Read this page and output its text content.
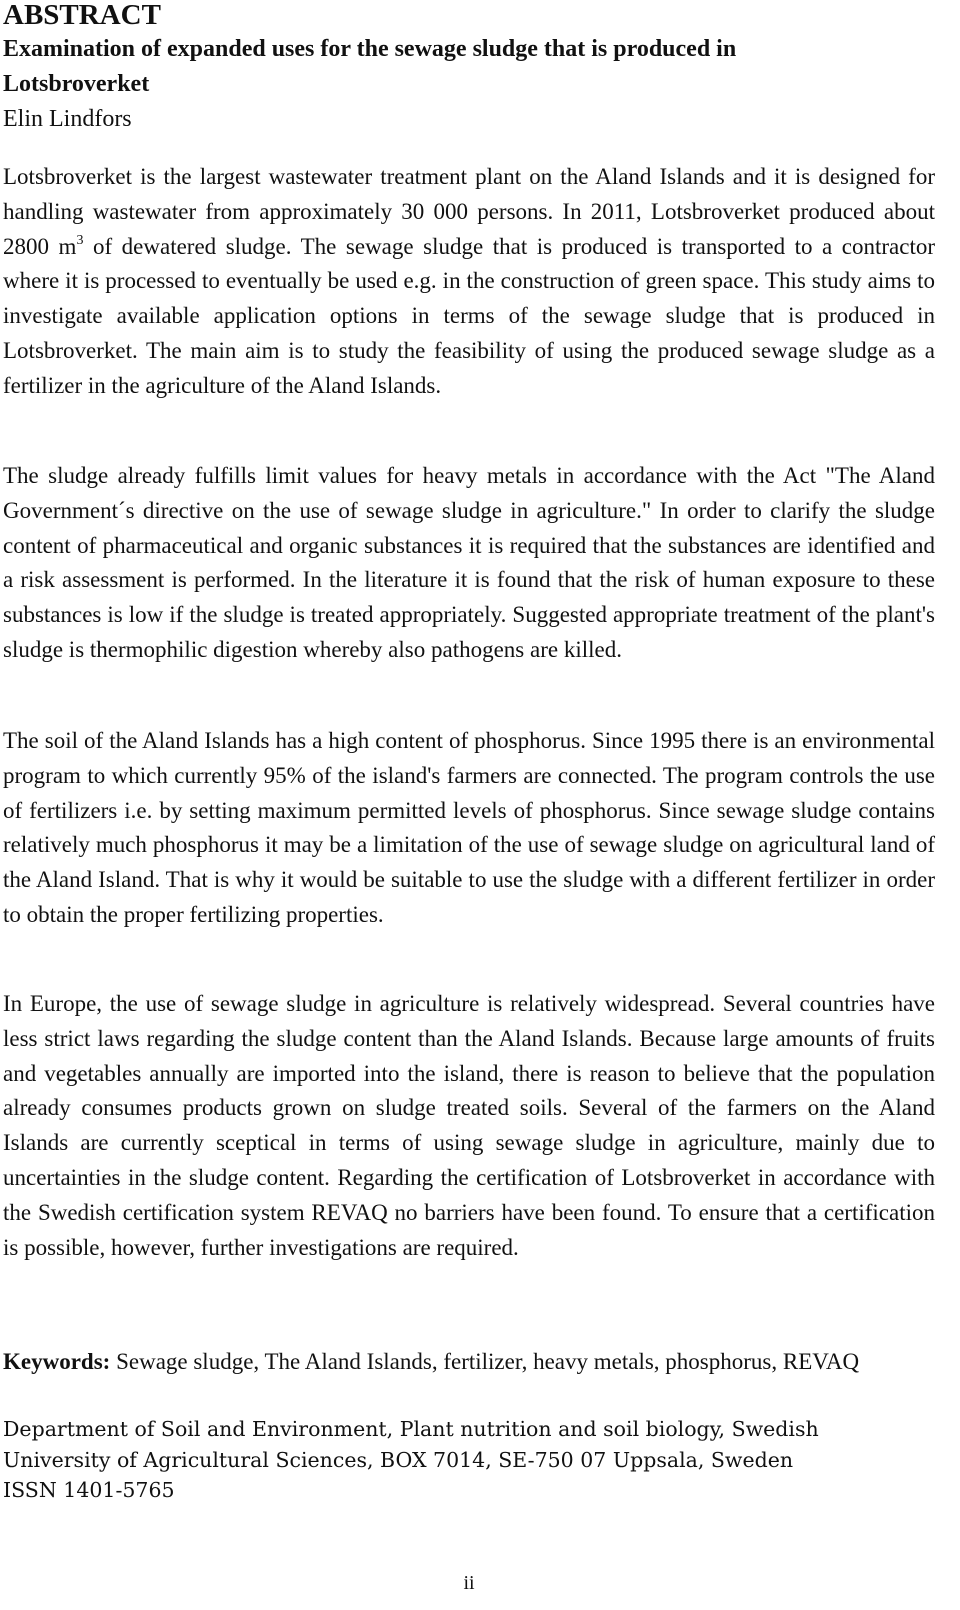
ABSTRACT
Examination of expanded uses for the sewage sludge that is produced in
Lotsbroverket
Elin Lindfors

Lotsbroverket is the largest wastewater treatment plant on the Aland Islands and it is designed for handling wastewater from approximately 30 000 persons. In 2011, Lotsbroverket produced about 2800 $m^3$ of dewatered sludge. The sewage sludge that is produced is transported to a contractor where it is processed to eventually be used e.g. in the construction of green space. This study aims to investigate available application options in terms of the sewage sludge that is produced in Lotsbroverket. The main aim is to study the feasibility of using the produced sewage sludge as a fertilizer in the agriculture of the Aland Islands.

The sludge already fulfills limit values for heavy metals in accordance with the Act "The Aland Government´s directive on the use of sewage sludge in agriculture." In order to clarify the sludge content of pharmaceutical and organic substances it is required that the substances are identified and a risk assessment is performed. In the literature it is found that the risk of human exposure to these substances is low if the sludge is treated appropriately. Suggested appropriate treatment of the plant's sludge is thermophilic digestion whereby also pathogens are killed.

The soil of the Aland Islands has a high content of phosphorus. Since 1995 there is an environmental program to which currently 95% of the island's farmers are connected. The program controls the use of fertilizers i.e. by setting maximum permitted levels of phosphorus. Since sewage sludge contains relatively much phosphorus it may be a limitation of the use of sewage sludge on agricultural land of the Aland Island. That is why it would be suitable to use the sludge with a different fertilizer in order to obtain the proper fertilizing properties.

In Europe, the use of sewage sludge in agriculture is relatively widespread. Several countries have less strict laws regarding the sludge content than the Aland Islands. Because large amounts of fruits and vegetables annually are imported into the island, there is reason to believe that the population already consumes products grown on sludge treated soils. Several of the farmers on the Aland Islands are currently sceptical in terms of using sewage sludge in agriculture, mainly due to uncertainties in the sludge content. Regarding the certification of Lotsbroverket in accordance with the Swedish certification system REVAQ no barriers have been found. To ensure that a certification is possible, however, further investigations are required.

Keywords: Sewage sludge, The Aland Islands, fertilizer, heavy metals, phosphorus, REVAQ

Department of Soil and Environment, Plant nutrition and soil biology, Swedish
University of Agricultural Sciences, BOX 7014, SE-750 07 Uppsala, Sweden
ISSN 1401-5765
ii
